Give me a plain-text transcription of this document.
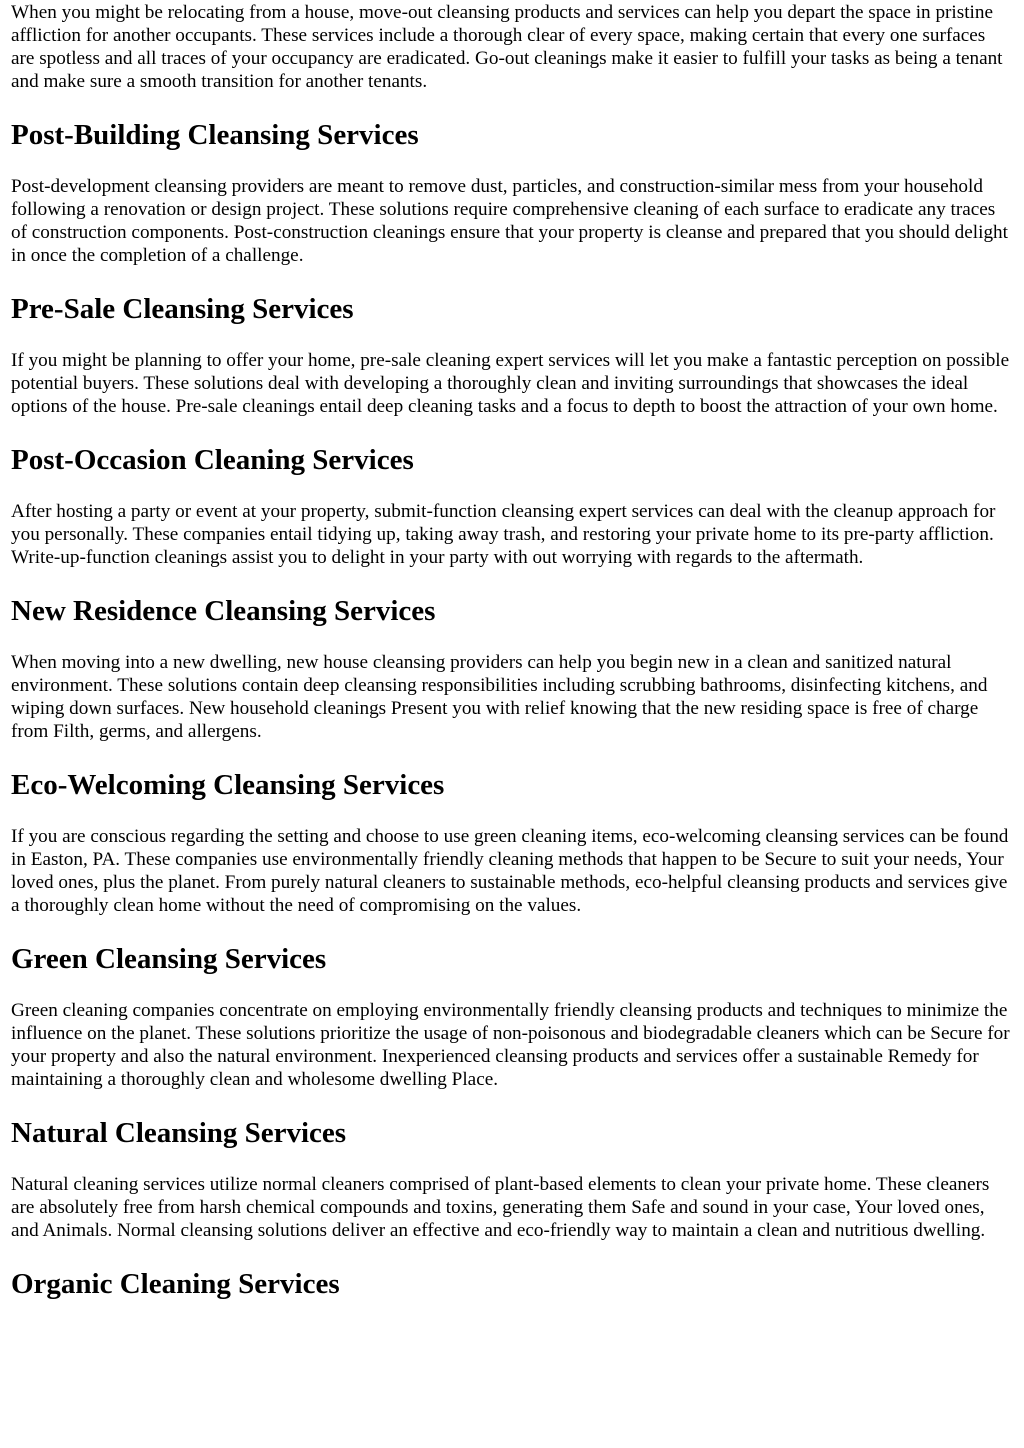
When you might be relocating from a house, move-out cleansing products and services can help you depart the space in pristine affliction for another occupants. These services include a thorough clear of every space, making certain that every one surfaces are spotless and all traces of your occupancy are eradicated. Go-out cleanings make it easier to fulfill your tasks as being a tenant and make sure a smooth transition for another tenants.

Post-Building Cleansing Services

Post-development cleansing providers are meant to remove dust, particles, and construction-similar mess from your household following a renovation or design project. These solutions require comprehensive cleaning of each surface to eradicate any traces of construction components. Post-construction cleanings ensure that your property is cleanse and prepared that you should delight in once the completion of a challenge.

Pre-Sale Cleansing Services

If you might be planning to offer your home, pre-sale cleaning expert services will let you make a fantastic perception on possible potential buyers. These solutions deal with developing a thoroughly clean and inviting surroundings that showcases the ideal options of the house. Pre-sale cleanings entail deep cleaning tasks and a focus to depth to boost the attraction of your own home.

Post-Occasion Cleaning Services

After hosting a party or event at your property, submit-function cleansing expert services can deal with the cleanup approach for you personally. These companies entail tidying up, taking away trash, and restoring your private home to its pre-party affliction. Write-up-function cleanings assist you to delight in your party with out worrying with regards to the aftermath.

New Residence Cleansing Services

When moving into a new dwelling, new house cleansing providers can help you begin new in a clean and sanitized natural environment. These solutions contain deep cleansing responsibilities including scrubbing bathrooms, disinfecting kitchens, and wiping down surfaces. New household cleanings Present you with relief knowing that the new residing space is free of charge from Filth, germs, and allergens.

Eco-Welcoming Cleansing Services

If you are conscious regarding the setting and choose to use green cleaning items, eco-welcoming cleansing services can be found in Easton, PA. These companies use environmentally friendly cleaning methods that happen to be Secure to suit your needs, Your loved ones, plus the planet. From purely natural cleaners to sustainable methods, eco-helpful cleansing products and services give a thoroughly clean home without the need of compromising on the values.

Green Cleansing Services

Green cleaning companies concentrate on employing environmentally friendly cleansing products and techniques to minimize the influence on the planet. These solutions prioritize the usage of non-poisonous and biodegradable cleaners which can be Secure for your property and also the natural environment. Inexperienced cleansing products and services offer a sustainable Remedy for maintaining a thoroughly clean and wholesome dwelling Place.

Natural Cleansing Services

Natural cleaning services utilize normal cleaners comprised of plant-based elements to clean your private home. These cleaners are absolutely free from harsh chemical compounds and toxins, generating them Safe and sound in your case, Your loved ones, and Animals. Normal cleansing solutions deliver an effective and eco-friendly way to maintain a clean and nutritious dwelling.

Organic Cleaning Services
